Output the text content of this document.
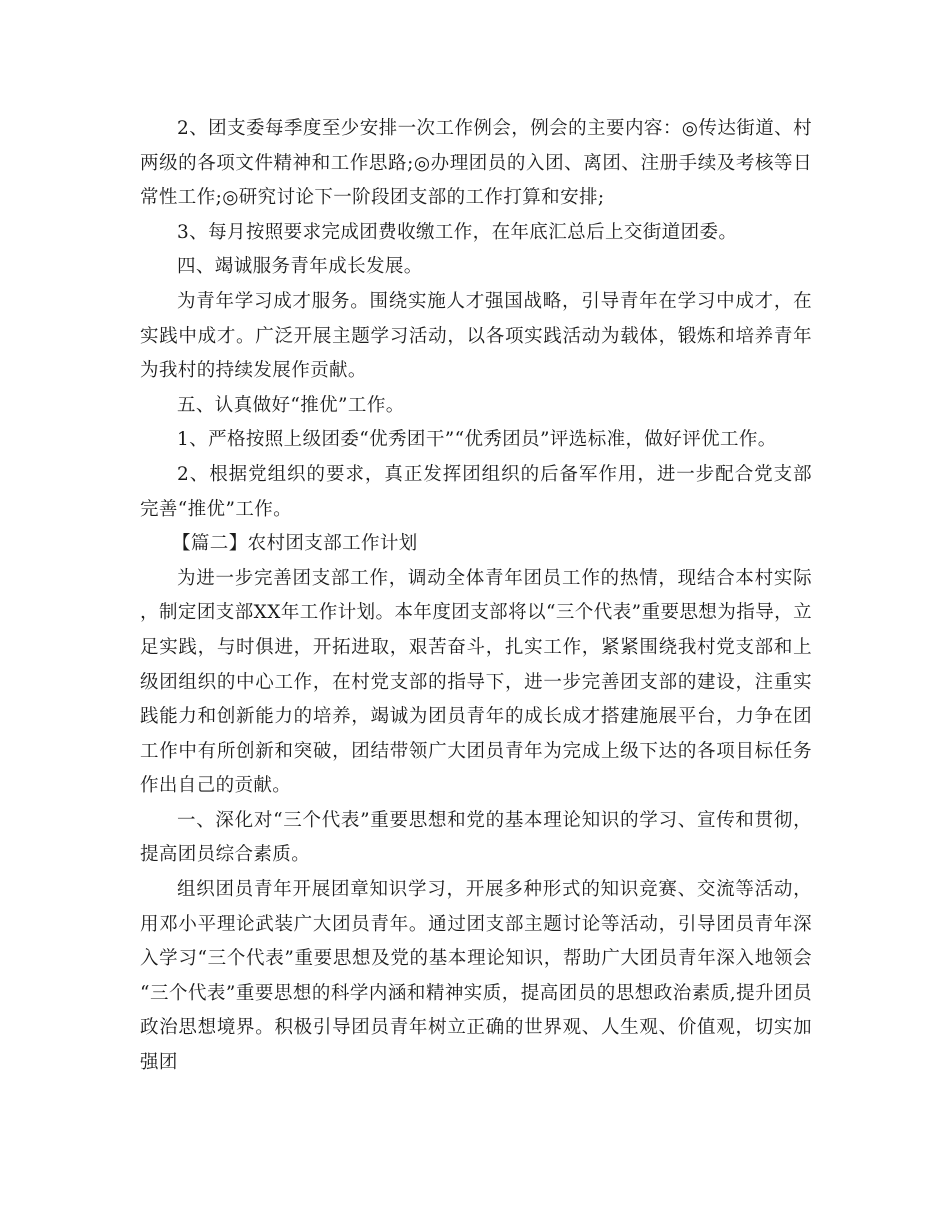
2、团支委每季度至少安排一次工作例会，例会的主要内容：◎传达街道、村两级的各项文件精神和工作思路;◎办理团员的入团、离团、注册手续及考核等日常性工作;◎研究讨论下一阶段团支部的工作打算和安排;

3、每月按照要求完成团费收缴工作，在年底汇总后上交街道团委。

四、竭诚服务青年成长发展。

为青年学习成才服务。围绕实施人才强国战略，引导青年在学习中成才，在实践中成才。广泛开展主题学习活动，以各项实践活动为载体，锻炼和培养青年为我村的持续发展作贡献。

五、认真做好“推优”工作。

1、严格按照上级团委“优秀团干”“优秀团员”评选标准，做好评优工作。

2、根据党组织的要求，真正发挥团组织的后备军作用，进一步配合党支部完善“推优”工作。

【篇二】农村团支部工作计划

为进一步完善团支部工作，调动全体青年团员工作的热情，现结合本村实际，制定团支部XX年工作计划。本年度团支部将以“三个代表”重要思想为指导，立足实践，与时俱进，开拓进取，艰苦奋斗，扎实工作，紧紧围绕我村党支部和上级团组织的中心工作，在村党支部的指导下，进一步完善团支部的建设，注重实践能力和创新能力的培养，竭诚为团员青年的成长成才搭建施展平台，力争在团工作中有所创新和突破，团结带领广大团员青年为完成上级下达的各项目标任务作出自己的贡献。

一、深化对“三个代表”重要思想和党的基本理论知识的学习、宣传和贯彻，提高团员综合素质。

组织团员青年开展团章知识学习，开展多种形式的知识竞赛、交流等活动，用邓小平理论武装广大团员青年。通过团支部主题讨论等活动，引导团员青年深入学习“三个代表”重要思想及党的基本理论知识，帮助广大团员青年深入地领会“三个代表”重要思想的科学内涵和精神实质，提高团员的思想政治素质,提升团员政治思想境界。积极引导团员青年树立正确的世界观、人生观、价值观，切实加强团
